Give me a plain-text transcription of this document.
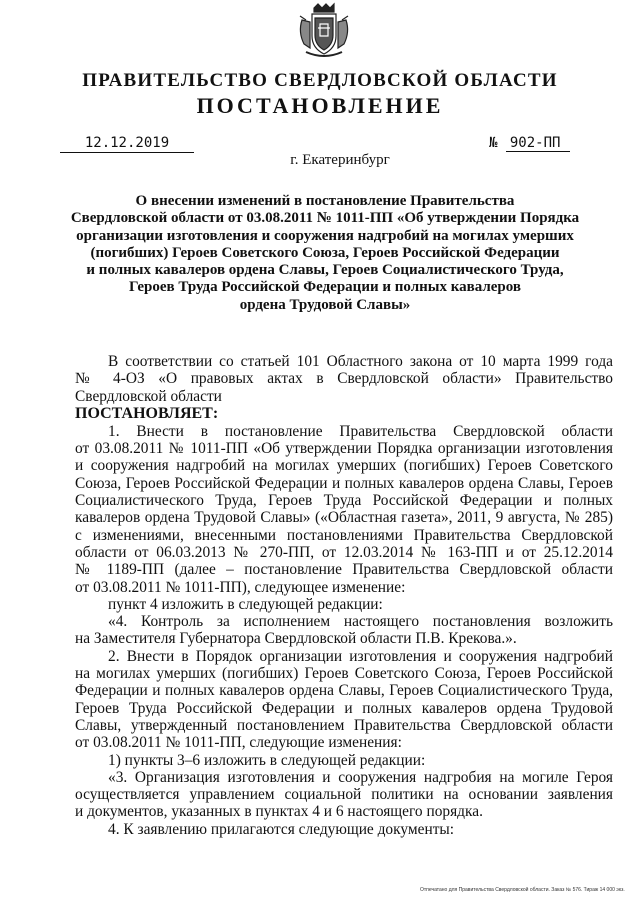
ПРАВИТЕЛЬСТВО СВЕРДЛОВСКОЙ ОБЛАСТИ
ПОСТАНОВЛЕНИЕ
12.12.2019	№ 902-ПП
г. Екатеринбург
О внесении изменений в постановление Правительства
Свердловской области от 03.08.2011 № 1011-ПП «Об утверждении Порядка
организации изготовления и сооружения надгробий на могилах умерших
(погибших) Героев Советского Союза, Героев Российской Федерации
и полных кавалеров ордена Славы, Героев Социалистического Труда,
Героев Труда Российской Федерации и полных кавалеров
ордена Трудовой Славы»
В соответствии со статьей 101 Областного закона от 10 марта 1999 года
№ 4-ОЗ «О правовых актах в Свердловской области» Правительство
Свердловской области
ПОСТАНОВЛЯЕТ:
1. Внести в постановление Правительства Свердловской области
от 03.08.2011 № 1011-ПП «Об утверждении Порядка организации изготовления
и сооружения надгробий на могилах умерших (погибших) Героев Советского
Союза, Героев Российской Федерации и полных кавалеров ордена Славы, Героев
Социалистического Труда, Героев Труда Российской Федерации и полных
кавалеров ордена Трудовой Славы» («Областная газета», 2011, 9 августа, № 285)
с изменениями, внесенными постановлениями Правительства Свердловской
области от 06.03.2013 № 270-ПП, от 12.03.2014 № 163-ПП и от 25.12.2014
№ 1189-ПП (далее – постановление Правительства Свердловской области
от 03.08.2011 № 1011-ПП), следующее изменение:
пункт 4 изложить в следующей редакции:
«4. Контроль за исполнением настоящего постановления возложить
на Заместителя Губернатора Свердловской области П.В. Крекова.».
2. Внести в Порядок организации изготовления и сооружения надгробий
на могилах умерших (погибших) Героев Советского Союза, Героев Российской
Федерации и полных кавалеров ордена Славы, Героев Социалистического Труда,
Героев Труда Российской Федерации и полных кавалеров ордена Трудовой
Славы, утвержденный постановлением Правительства Свердловской области
от 03.08.2011 № 1011-ПП, следующие изменения:
1) пункты 3–6 изложить в следующей редакции:
«3. Организация изготовления и сооружения надгробия на могиле Героя
осуществляется управлением социальной политики на основании заявления
и документов, указанных в пунктах 4 и 6 настоящего порядка.
4. К заявлению прилагаются следующие документы:
Отпечатано для Правительства Свердловской области. Заказ № 576. Тираж 14 000 экз.
